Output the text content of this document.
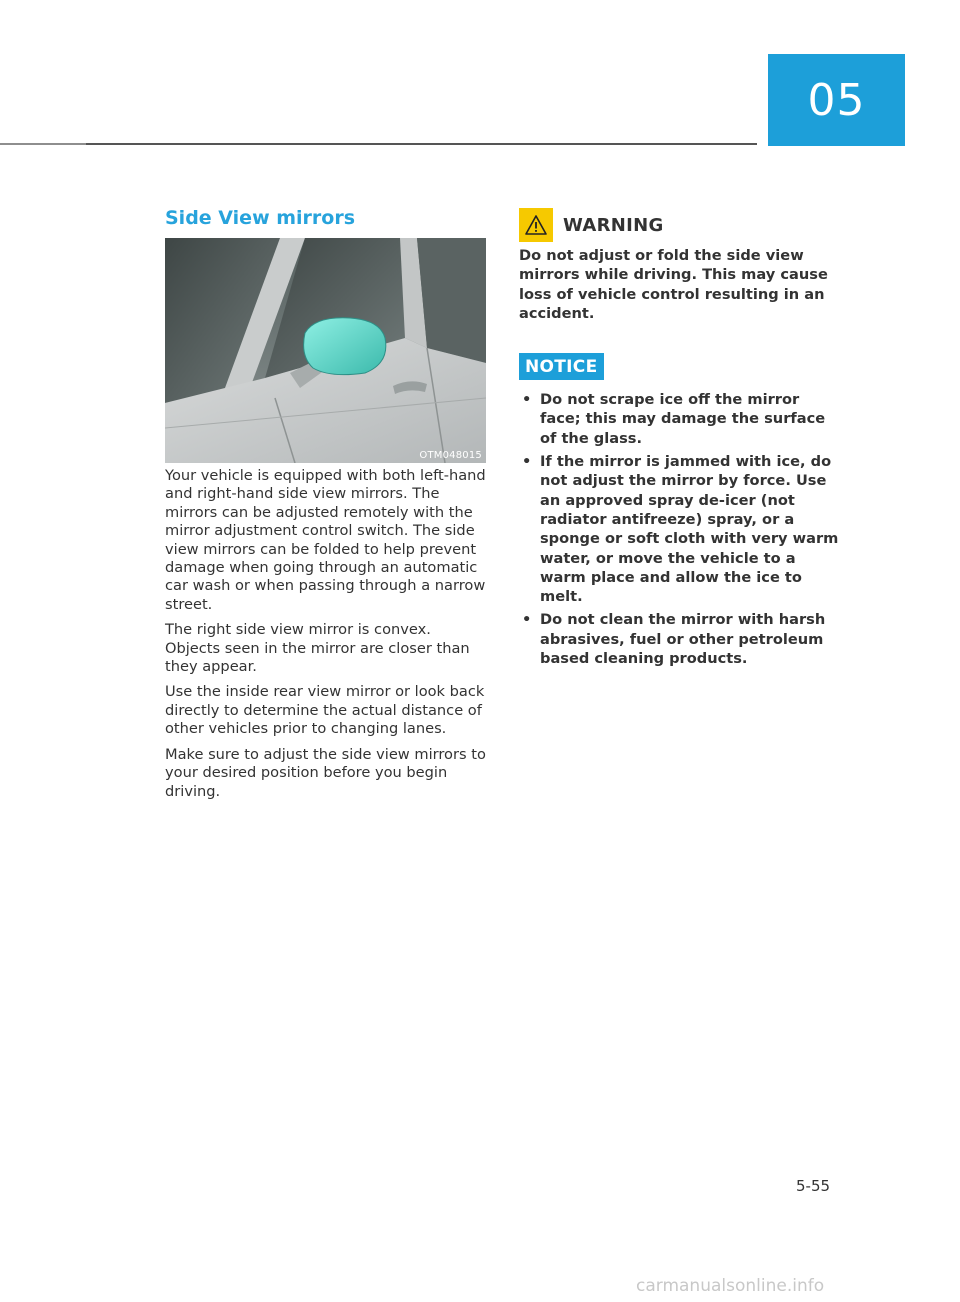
05
Side View mirrors
OTM048015

Your vehicle is equipped with both left-hand and right-hand side view mirrors. The mirrors can be adjusted remotely with the mirror adjustment control switch. The side view mirrors can be folded to help prevent damage when going through an automatic car wash or when passing through a narrow street.

The right side view mirror is convex. Objects seen in the mirror are closer than they appear.

Use the inside rear view mirror or look back directly to determine the actual distance of other vehicles prior to changing lanes.

Make sure to adjust the side view mirrors to your desired position before you begin driving.

WARNING

Do not adjust or fold the side view mirrors while driving. This may cause loss of vehicle control resulting in an accident.

NOTICE
• Do not scrape ice off the mirror face; this may damage the surface of the glass.
• If the mirror is jammed with ice, do not adjust the mirror by force. Use an approved spray de-icer (not radiator antifreeze) spray, or a sponge or soft cloth with very warm water, or move the vehicle to a warm place and allow the ice to melt.
• Do not clean the mirror with harsh abrasives, fuel or other petroleum based cleaning products.
5-55
carmanualsonline.info
